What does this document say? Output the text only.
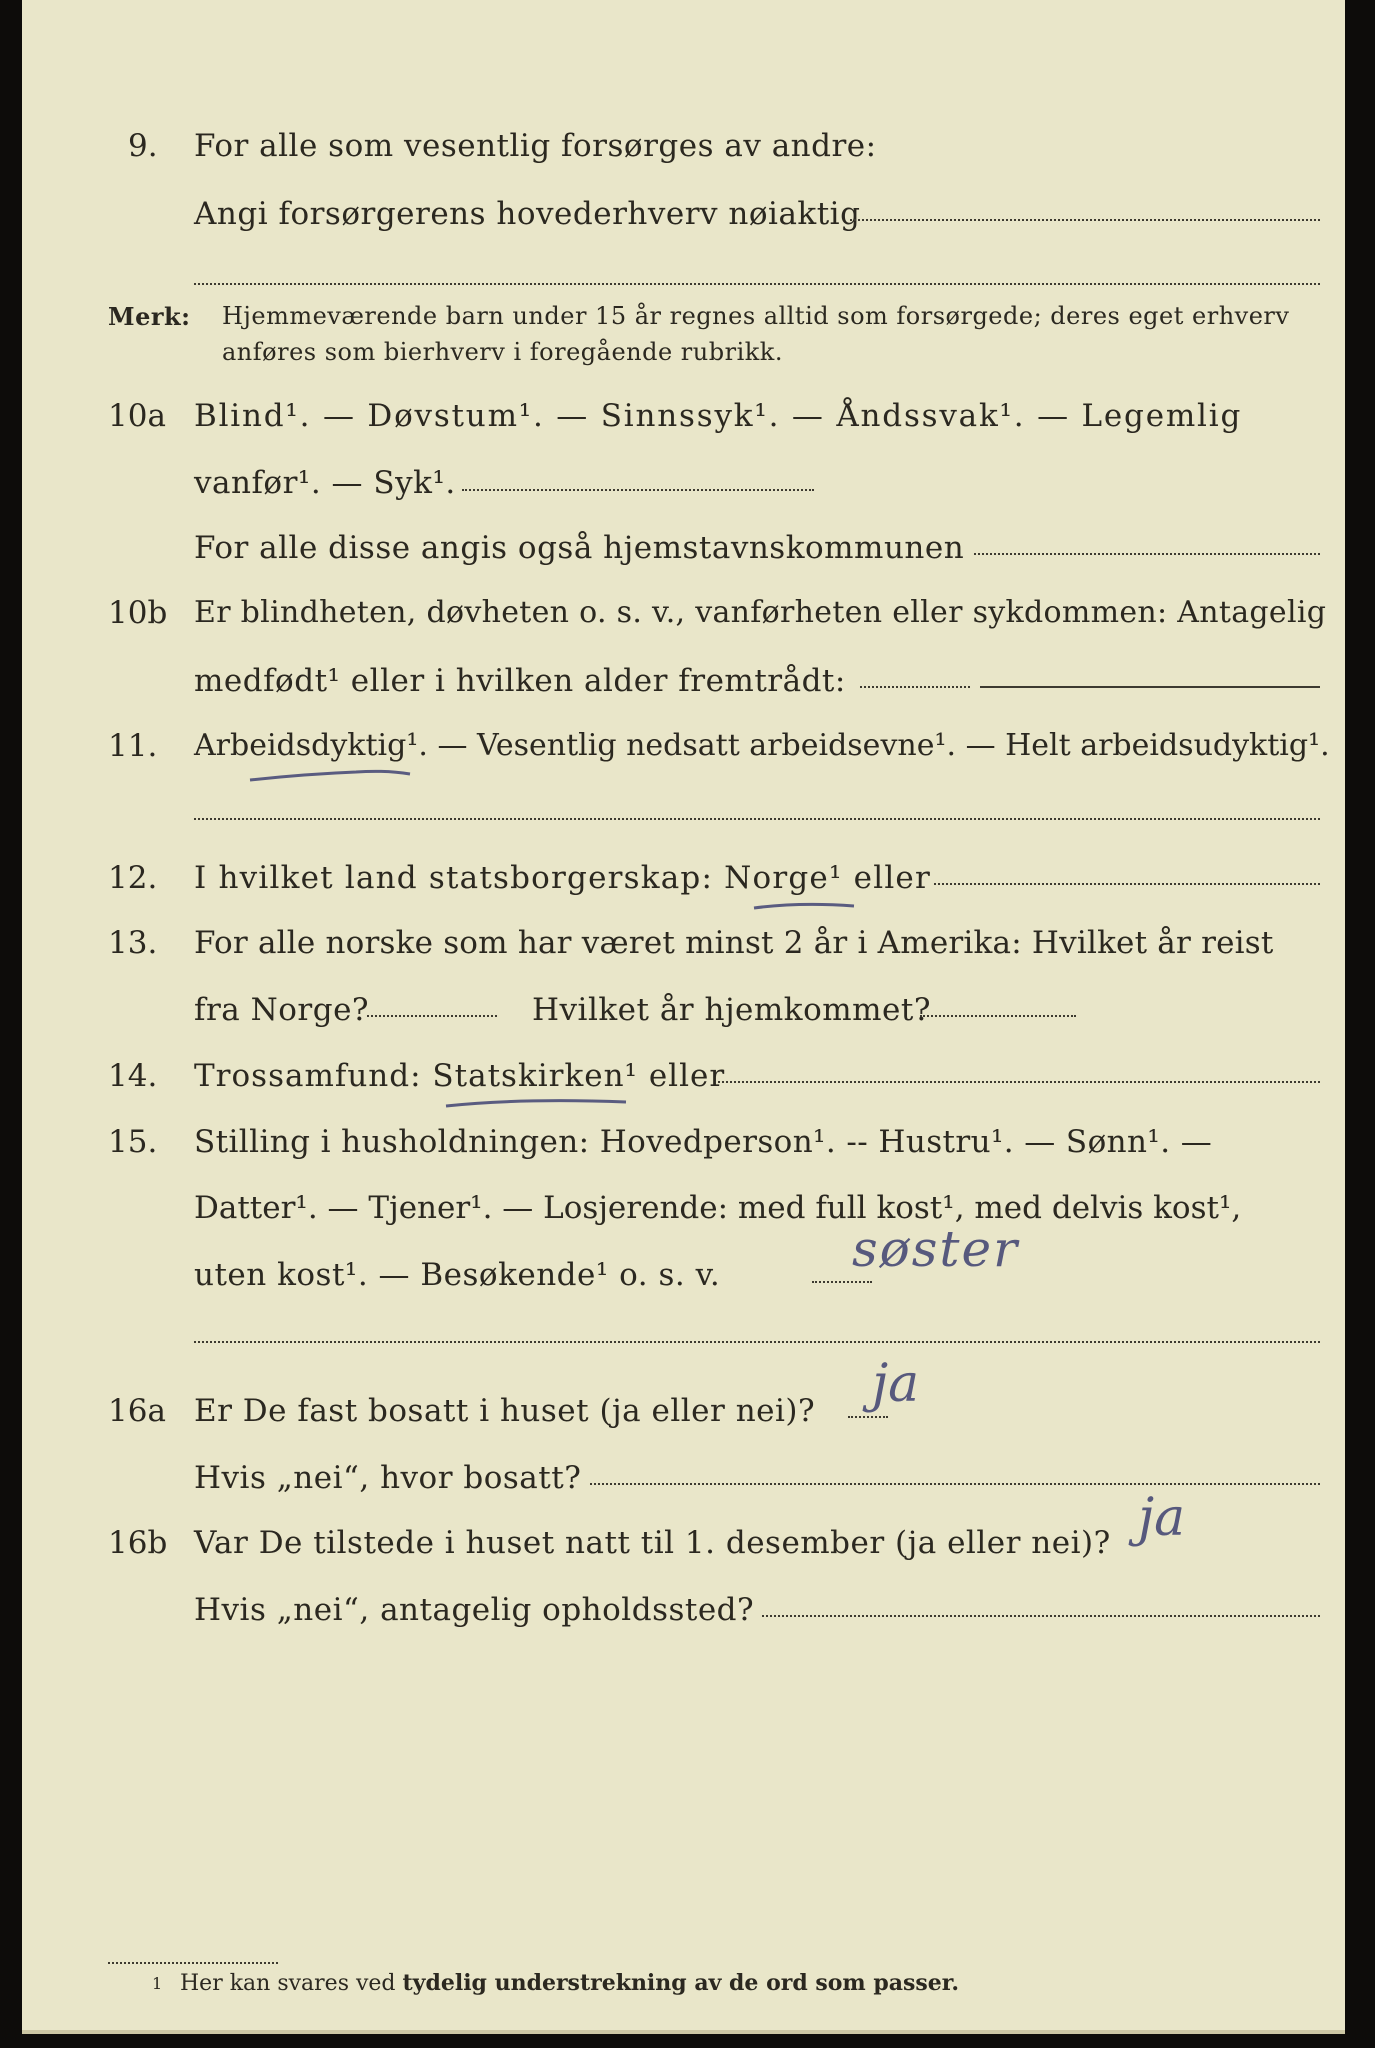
9. For alle som vesentlig forsørges av andre:
Angi forsørgerens hovederhverv nøiaktig
Merk: Hjemmeværende barn under 15 år regnes alltid som forsørgede; deres eget erhverv
anføres som bierhverv i foregående rubrikk.
10a Blind¹. — Døvstum¹. — Sinnssyk¹. — Åndssvak¹. — Legemlig
vanfør¹. — Syk¹.
For alle disse angis også hjemstavnskommunen
10b Er blindheten, døvheten o. s. v., vanførheten eller sykdommen: Antagelig
medfødt¹ eller i hvilken alder fremtrådt:
11. Arbeidsdyktig¹. — Vesentlig nedsatt arbeidsevne¹. — Helt arbeidsudyktig¹.
12. I hvilket land statsborgerskap: Norge¹ eller
13. For alle norske som har været minst 2 år i Amerika: Hvilket år reist
fra Norge?	Hvilket år hjemkommet?
14. Trossamfund: Statskirken¹ eller
15. Stilling i husholdningen: Hovedperson¹. -- Hustru¹. — Sønn¹. —
Datter¹. — Tjener¹. — Losjerende: med full kost¹, med delvis kost¹,
uten kost¹. — Besøkende¹ o. s. v.	søster
16a Er De fast bosatt i huset (ja eller nei)? ja
Hvis „nei“, hvor bosatt?
16b Var De tilstede i huset natt til 1. desember (ja eller nei)? ja
Hvis „nei“, antagelig opholdssted?
1 Her kan svares ved tydelig understrekning av de ord som passer.
